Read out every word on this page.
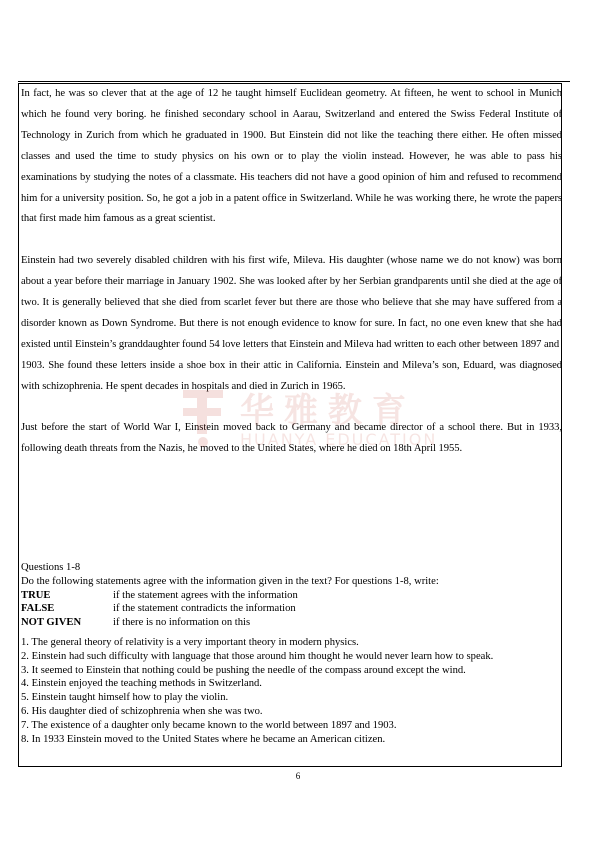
In fact, he was so clever that at the age of 12 he taught himself Euclidean geometry. At fifteen, he went to school in Munich which he found very boring. he finished secondary school in Aarau, Switzerland and entered the Swiss Federal Institute of Technology in Zurich from which he graduated in 1900. But Einstein did not like the teaching there either. He often missed classes and used the time to study physics on his own or to play the violin instead. However, he was able to pass his examinations by studying the notes of a classmate. His teachers did not have a good opinion of him and refused to recommend him for a university position. So, he got a job in a patent office in Switzerland. While he was working there, he wrote the papers that first made him famous as a great scientist.

Einstein had two severely disabled children with his first wife, Mileva. His daughter (whose name we do not know) was born about a year before their marriage in January 1902. She was looked after by her Serbian grandparents until she died at the age of two. It is generally believed that she died from scarlet fever but there are those who believe that she may have suffered from a disorder known as Down Syndrome. But there is not enough evidence to know for sure. In fact, no one even knew that she had existed until Einstein’s granddaughter found 54 love letters that Einstein and Mileva had written to each other between 1897 and

1903. She found these letters inside a shoe box in their attic in California. Einstein and Mileva’s son, Eduard, was diagnosed with schizophrenia. He spent decades in hospitals and died in Zurich in 1965.

Just before the start of World War I, Einstein moved back to Germany and became director of a school there. But in 1933, following death threats from the Nazis, he moved to the United States, where he died on 18th April 1955.

华雅教育
HUANYA EDUCATION

Questions 1-8

Do the following statements agree with the information given in the text? For questions 1-8, write:

TRUE	if the statement agrees with the information
FALSE	if the statement contradicts the information
NOT GIVEN	if there is no information on this
1. The general theory of relativity is a very important theory in modern physics.
2. Einstein had such difficulty with language that those around him thought he would never learn how to speak.
3. It seemed to Einstein that nothing could be pushing the needle of the compass around except the wind.
4. Einstein enjoyed the teaching methods in Switzerland.
5. Einstein taught himself how to play the violin.
6. His daughter died of schizophrenia when she was two.
7. The existence of a daughter only became known to the world between 1897 and 1903.
8. In 1933 Einstein moved to the United States where he became an American citizen.
6
